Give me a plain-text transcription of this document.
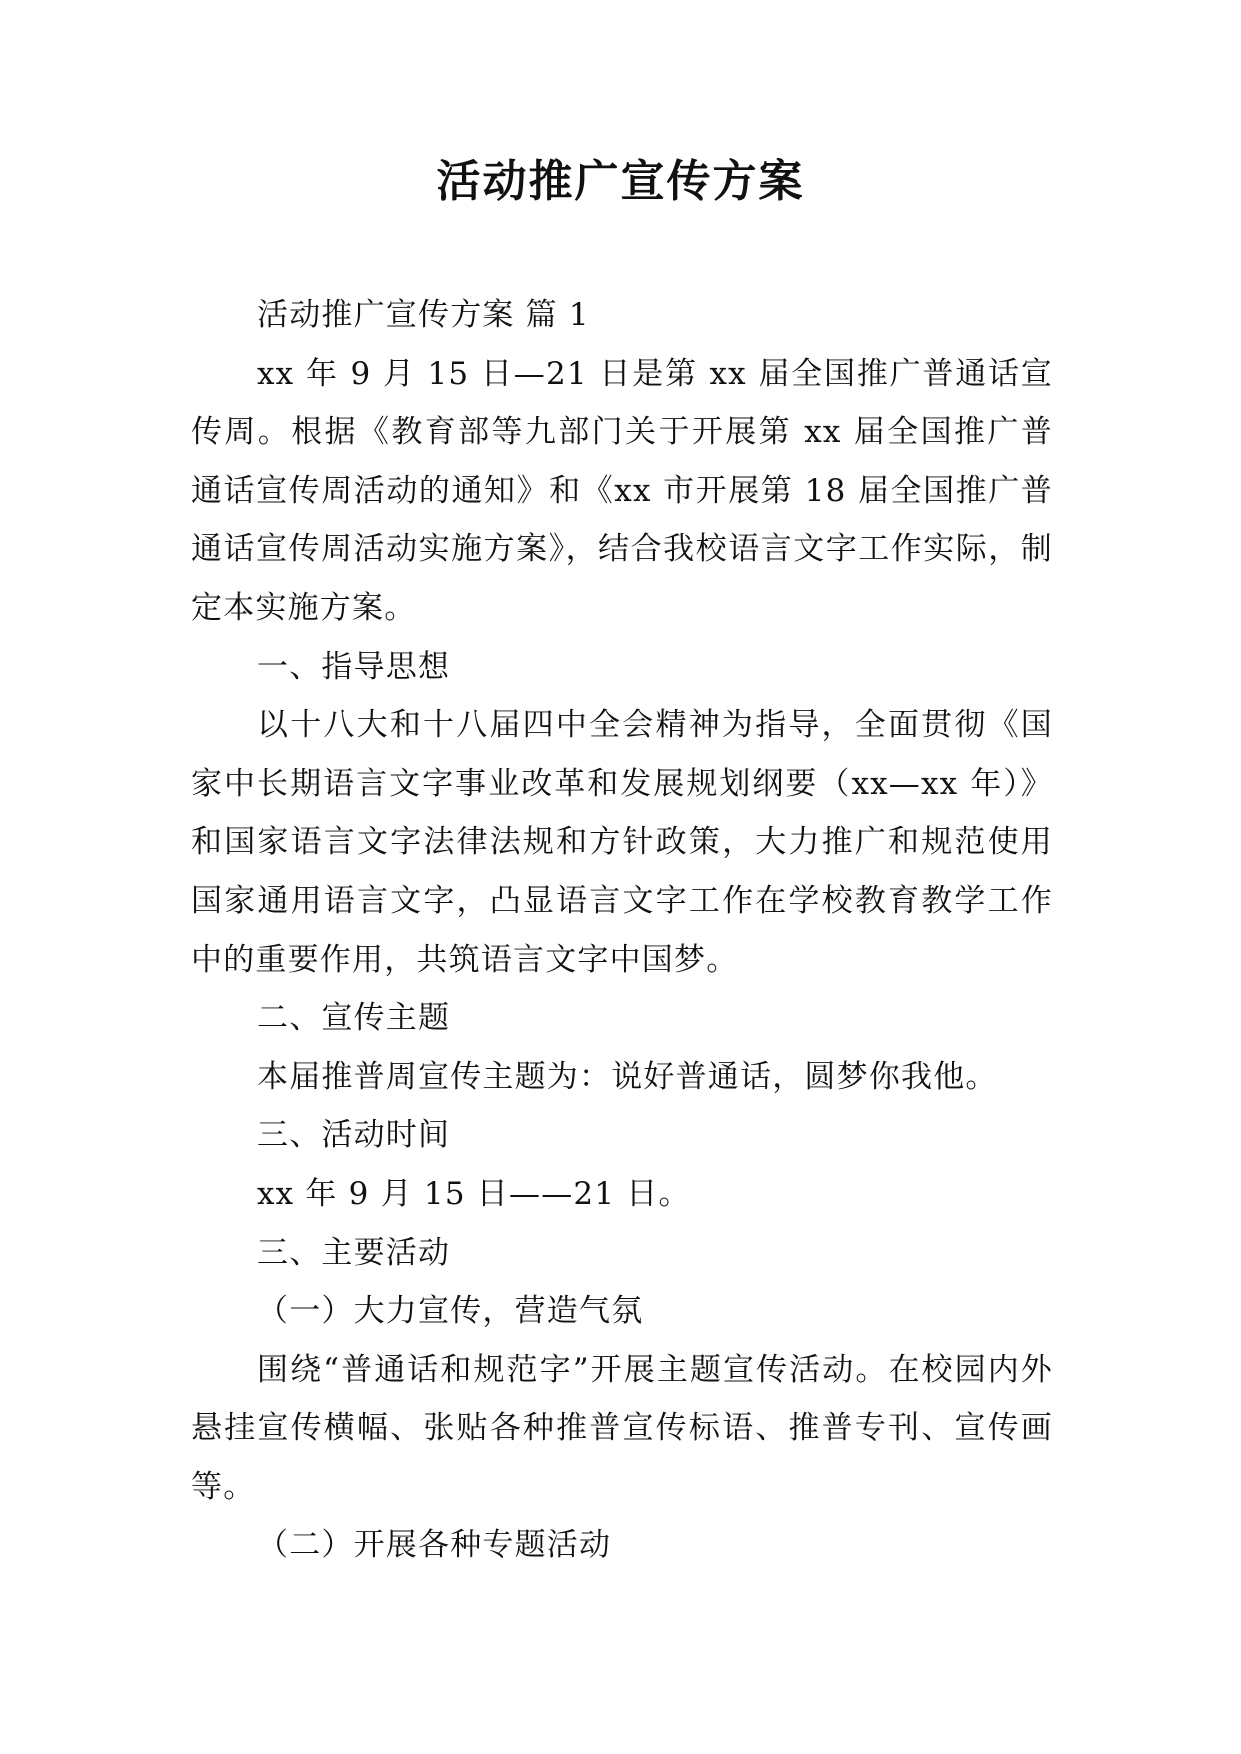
活动推广宣传方案

活动推广宣传方案 篇 1

xx 年 9 月 15 日—21 日是第 xx 届全国推广普通话宣传周。根据《教育部等九部门关于开展第 xx 届全国推广普通话宣传周活动的通知》和《xx 市开展第 18 届全国推广普通话宣传周活动实施方案》，结合我校语言文字工作实际，制定本实施方案。

一、指导思想

以十八大和十八届四中全会精神为指导，全面贯彻《国家中长期语言文字事业改革和发展规划纲要（xx—xx 年）》和国家语言文字法律法规和方针政策，大力推广和规范使用国家通用语言文字，凸显语言文字工作在学校教育教学工作中的重要作用，共筑语言文字中国梦。

二、宣传主题

本届推普周宣传主题为：说好普通话，圆梦你我他。

三、活动时间

xx 年 9 月 15 日——21 日。

三、主要活动

（一）大力宣传，营造气氛

围绕“普通话和规范字”开展主题宣传活动。在校园内外悬挂宣传横幅、张贴各种推普宣传标语、推普专刊、宣传画等。

（二）开展各种专题活动
